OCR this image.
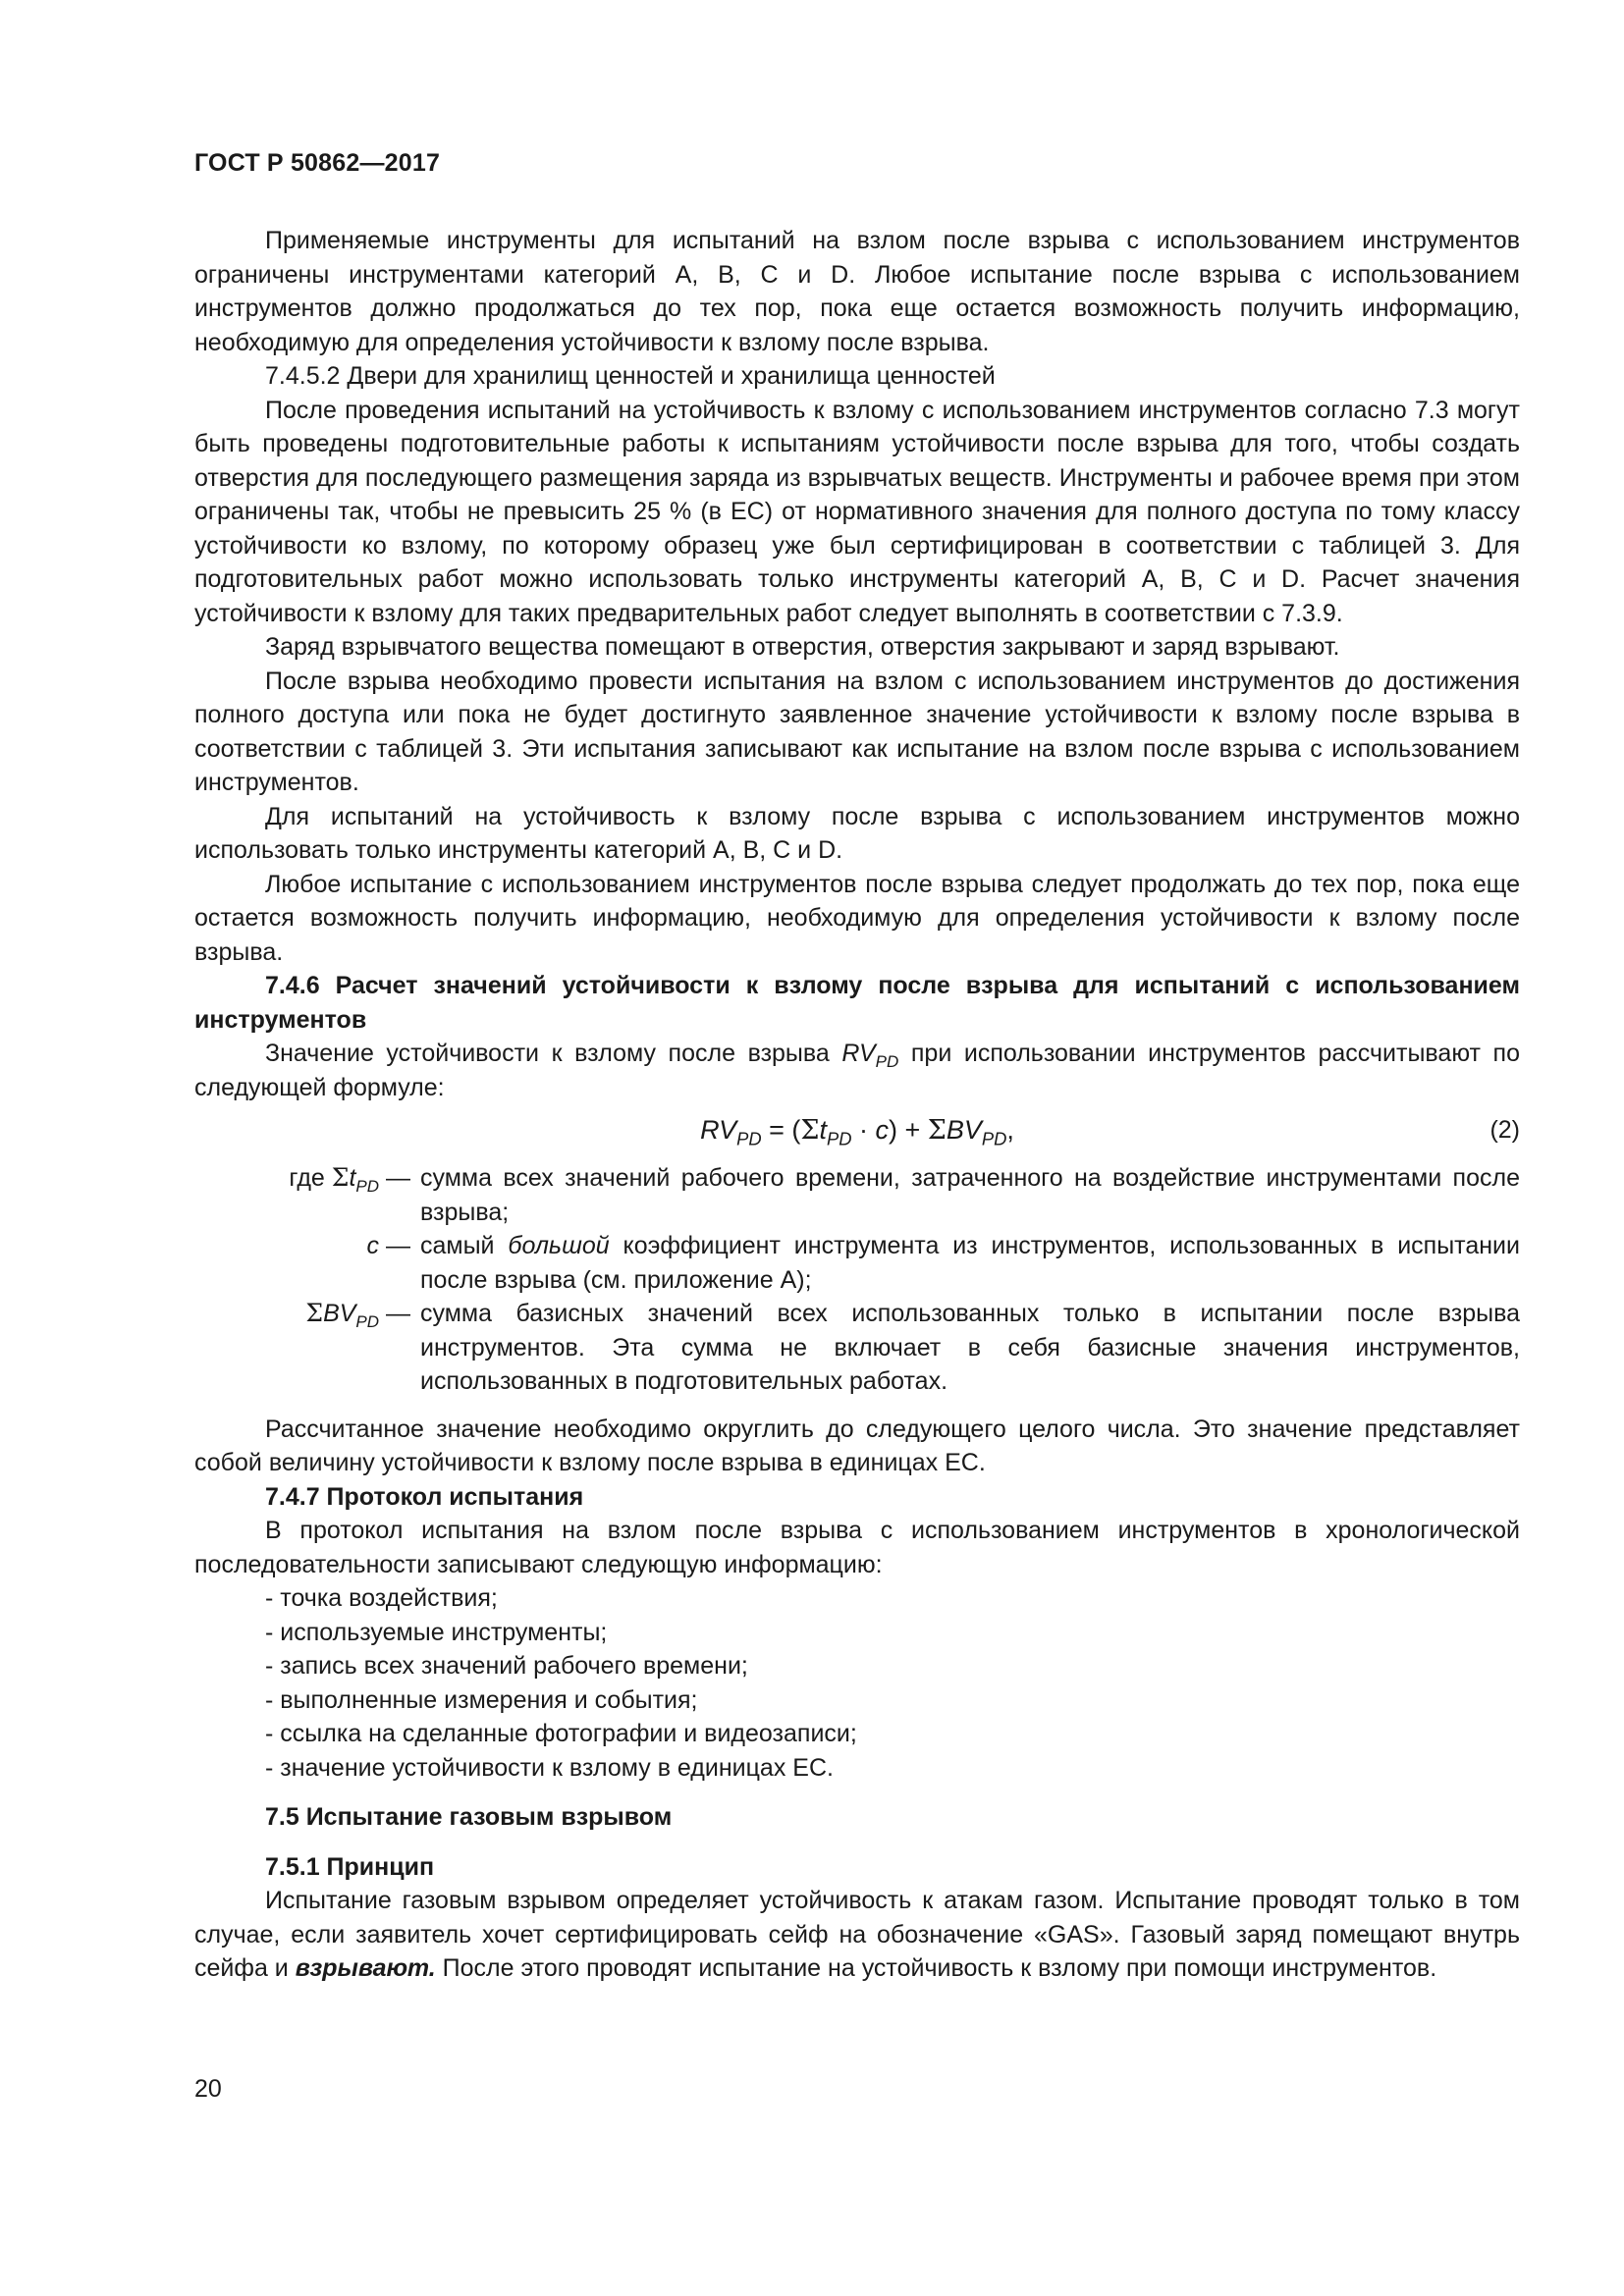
ГОСТ Р 50862—2017

Применяемые инструменты для испытаний на взлом после взрыва с использованием инструментов ограничены инструментами категорий А, В, С и D. Любое испытание после взрыва с использованием инструментов должно продолжаться до тех пор, пока еще остается возможность получить информацию, необходимую для определения устойчивости к взлому после взрыва.

7.4.5.2 Двери для хранилищ ценностей и хранилища ценностей

После проведения испытаний на устойчивость к взлому с использованием инструментов согласно 7.3 могут быть проведены подготовительные работы к испытаниям устойчивости после взрыва для того, чтобы создать отверстия для последующего размещения заряда из взрывчатых веществ. Инструменты и рабочее время при этом ограничены так, чтобы не превысить 25 % (в ЕС) от нормативного значения для полного доступа по тому классу устойчивости ко взлому, по которому образец уже был сертифицирован в соответствии с таблицей 3. Для подготовительных работ можно использовать только инструменты категорий А, В, С и D. Расчет значения устойчивости к взлому для таких предварительных работ следует выполнять в соответствии с 7.3.9.

Заряд взрывчатого вещества помещают в отверстия, отверстия закрывают и заряд взрывают.

После взрыва необходимо провести испытания на взлом с использованием инструментов до достижения полного доступа или пока не будет достигнуто заявленное значение устойчивости к взлому после взрыва в соответствии с таблицей 3. Эти испытания записывают как испытание на взлом после взрыва с использованием инструментов.

Для испытаний на устойчивость к взлому после взрыва с использованием инструментов можно использовать только инструменты категорий А, В, С и D.

Любое испытание с использованием инструментов после взрыва следует продолжать до тех пор, пока еще остается возможность получить информацию, необходимую для определения устойчивости к взлому после взрыва.

7.4.6 Расчет значений устойчивости к взлому после взрыва для испытаний с использованием инструментов

Значение устойчивости к взлому после взрыва $RV_{PD}$ при использовании инструментов рассчитывают по следующей формуле:

$RV_{PD} = (\Sigma t_{PD} \cdot c) + \Sigma BV_{PD}$,	(2)
где $\Sigma t_{PD}$ — сумма всех значений рабочего времени, затраченного на воздействие инструментами после взрыва;
c — самый большой коэффициент инструмента из инструментов, использованных в испытании после взрыва (см. приложение А);
$\Sigma BV_{PD}$ — сумма базисных значений всех использованных только в испытании после взрыва инструментов. Эта сумма не включает в себя базисные значения инструментов, использованных в подготовительных работах.

Рассчитанное значение необходимо округлить до следующего целого числа. Это значение представляет собой величину устойчивости к взлому после взрыва в единицах ЕС.

7.4.7 Протокол испытания

В протокол испытания на взлом после взрыва с использованием инструментов в хронологической последовательности записывают следующую информацию:

- точка воздействия;

- используемые инструменты;

- запись всех значений рабочего времени;

- выполненные измерения и события;

- ссылка на сделанные фотографии и видеозаписи;

- значение устойчивости к взлому в единицах ЕС.

7.5 Испытание газовым взрывом

7.5.1 Принцип

Испытание газовым взрывом определяет устойчивость к атакам газом. Испытание проводят только в том случае, если заявитель хочет сертифицировать сейф на обозначение «GAS». Газовый заряд помещают внутрь сейфа и взрывают. После этого проводят испытание на устойчивость к взлому при помощи инструментов.

20
